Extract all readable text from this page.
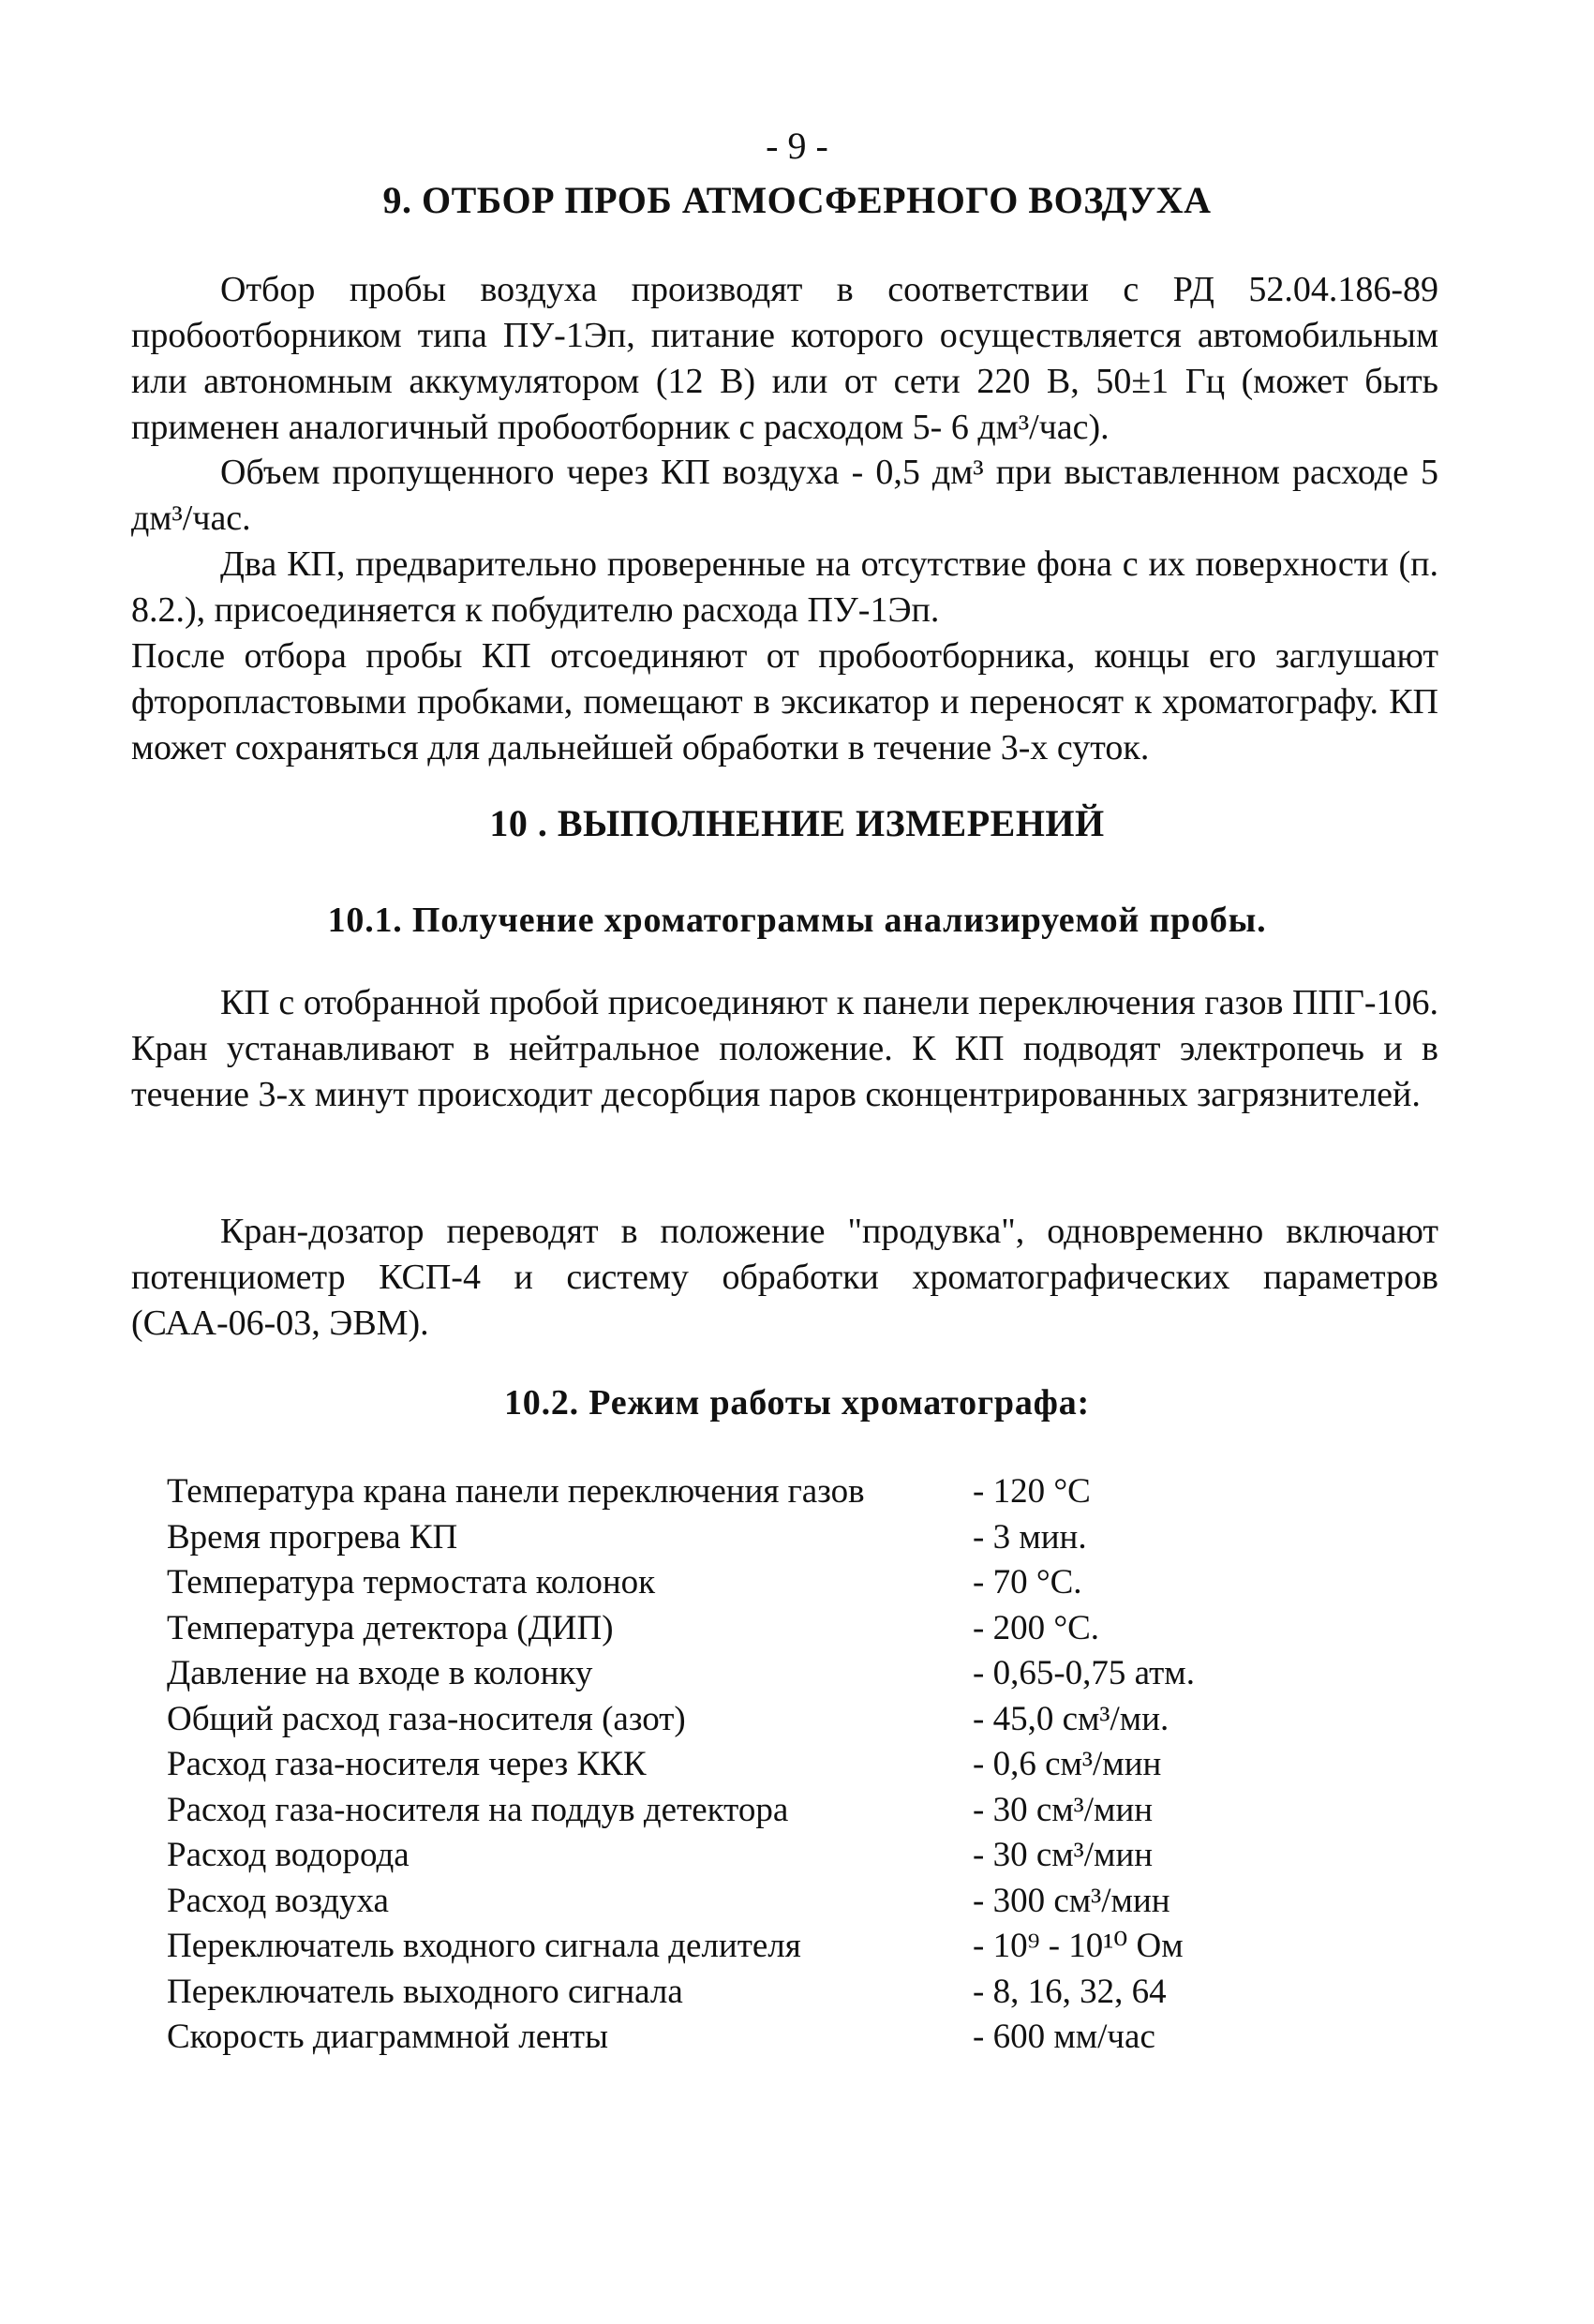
- 9 -
9. ОТБОР ПРОБ АТМОСФЕРНОГО ВОЗДУХА
Отбор пробы воздуха производят в соответствии с РД 52.04.186-89 пробоотборником типа ПУ-1Эп, питание которого осуществляется автомобильным или автономным аккумулятором (12 В) или от сети 220 В, 50±1 Гц (может быть применен аналогичный пробоотборник с расходом 5- 6 дм³/час).
Объем пропущенного через КП воздуха - 0,5 дм³ при выставленном расходе 5 дм³/час.
Два КП, предварительно проверенные на отсутствие фона с их поверхности (п. 8.2.), присоединяется к побудителю расхода ПУ-1Эп.
После отбора пробы КП отсоединяют от пробоотборника, концы его заглушают фторопластовыми пробками, помещают в эксикатор и переносят к хроматографу. КП может сохраняться для дальнейшей обработки в течение 3-х суток.
10 . ВЫПОЛНЕНИЕ ИЗМЕРЕНИЙ
10.1. Получение хроматограммы анализируемой пробы.
КП с отобранной пробой присоединяют к панели переключения газов ППГ-106. Кран устанавливают в нейтральное положение. К КП подводят электропечь и в течение 3-х минут происходит десорбция паров сконцентрированных загрязнителей.
Кран-дозатор переводят в положение "продувка", одновременно включают потенциометр КСП-4 и систему обработки хроматографических параметров (САА-06-03, ЭВМ).
10.2. Режим работы хроматографа:
Температура крана панели переключения газов	- 120 °С
Время прогрева КП	- 3 мин.
Температура термостата колонок	- 70 °С.
Температура детектора (ДИП)	- 200 °С.
Давление на входе в колонку	- 0,65-0,75 атм.
Общий расход газа-носителя (азот)	- 45,0 см³/ми.
Расход газа-носителя через ККК	- 0,6 см³/мин
Расход газа-носителя на поддув детектора	- 30 см³/мин
Расход водорода	- 30 см³/мин
Расход воздуха	- 300 см³/мин
Переключатель входного сигнала делителя	- 10⁹ - 10¹⁰ Ом
Переключатель выходного сигнала	- 8, 16, 32, 64
Скорость диаграммной ленты	- 600 мм/час
